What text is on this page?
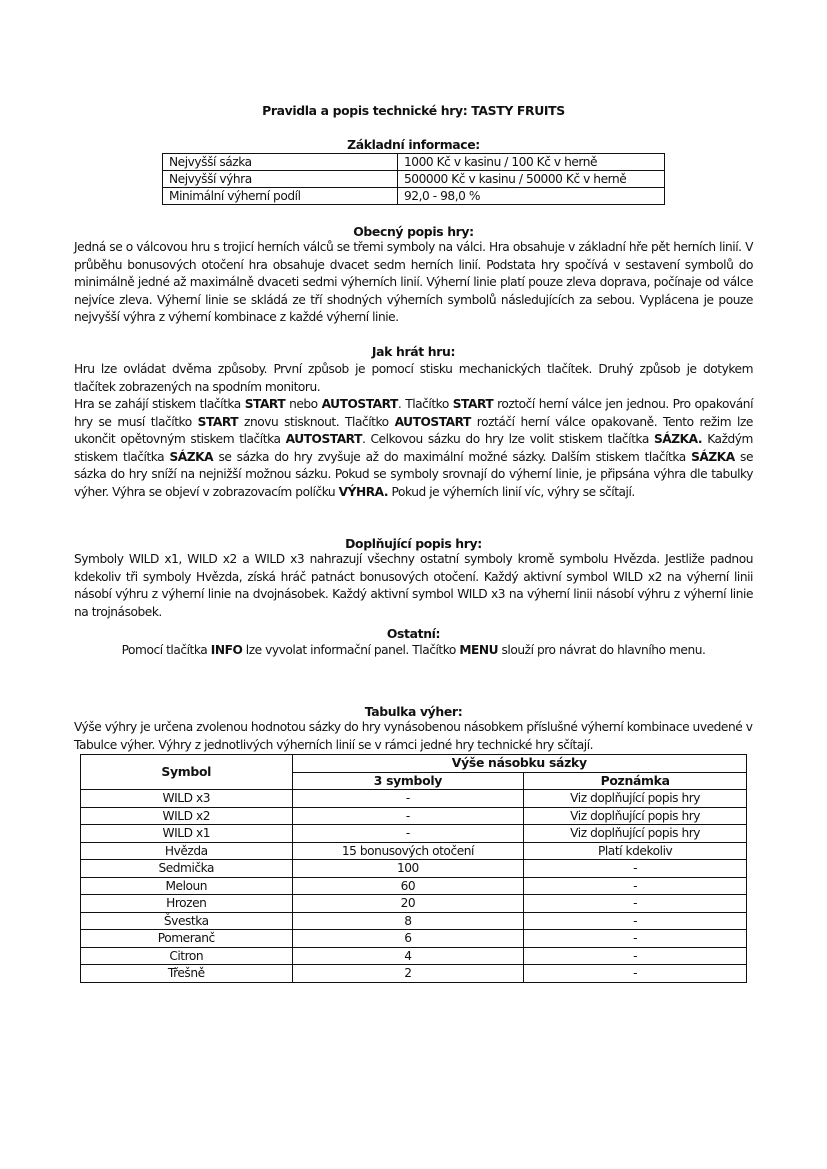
Pravidla a popis technické hry: TASTY FRUITS
Základní informace:
Nejvyšší sázka	1000 Kč v kasinu / 100 Kč v herně
Nejvyšší výhra	500000 Kč v kasinu / 50000 Kč v herně
Minimální výherní podíl	92,0 - 98,0 %
Obecný popis hry:

Jedná se o válcovou hru s trojicí herních válců se třemi symboly na válci. Hra obsahuje v základní hře pět herních linií. V průběhu bonusových otočení hra obsahuje dvacet sedm herních linií. Podstata hry spočívá v sestavení symbolů do minimálně jedné až maximálně dvaceti sedmi výherních linií. Výherní linie platí pouze zleva doprava, počínaje od válce nejvíce zleva. Výherní linie se skládá ze tří shodných výherních symbolů následujících za sebou. Vyplácena je pouze nejvyšší výhra z výherní kombinace z každé výherní linie.

Jak hrát hru:

Hru lze ovládat dvěma způsoby. První způsob je pomocí stisku mechanických tlačítek. Druhý způsob je dotykem tlačítek zobrazených na spodním monitoru.

Hra se zahájí stiskem tlačítka START nebo AUTOSTART. Tlačítko START roztočí herní válce jen jednou. Pro opakování hry se musí tlačítko START znovu stisknout. Tlačítko AUTOSTART roztáčí herní válce opakovaně. Tento režim lze ukončit opětovným stiskem tlačítka AUTOSTART. Celkovou sázku do hry lze volit stiskem tlačítka SÁZKA. Každým stiskem tlačítka SÁZKA se sázka do hry zvyšuje až do maximální možné sázky. Dalším stiskem tlačítka SÁZKA se sázka do hry sníží na nejnižší možnou sázku. Pokud se symboly srovnají do výherní linie, je připsána výhra dle tabulky výher. Výhra se objeví v zobrazovacím políčku VÝHRA. Pokud je výherních linií víc, výhry se sčítají.

Doplňující popis hry:

Symboly WILD x1, WILD x2 a WILD x3 nahrazují všechny ostatní symboly kromě symbolu Hvězda. Jestliže padnou kdekoliv tři symboly Hvězda, získá hráč patnáct bonusových otočení. Každý aktivní symbol WILD x2 na výherní linii násobí výhru z výherní linie na dvojnásobek. Každý aktivní symbol WILD x3 na výherní linii násobí výhru z výherní linie na trojnásobek.

Ostatní:

Pomocí tlačítka INFO lze vyvolat informační panel. Tlačítko MENU slouží pro návrat do hlavního menu.

Tabulka výher:

Výše výhry je určena zvolenou hodnotou sázky do hry vynásobenou násobkem příslušné výherní kombinace uvedené v Tabulce výher. Výhry z jednotlivých výherních linií se v rámci jedné hry technické hry sčítají.

Symbol	Výše násobku sázky	
	3 symboly	Poznámka
WILD x3	-	Viz doplňující popis hry
WILD x2	-	Viz doplňující popis hry
WILD x1	-	Viz doplňující popis hry
Hvězda	15 bonusových otočení	Platí kdekoliv
Sedmička	100	-
Meloun	60	-
Hrozen	20	-
Švestka	8	-
Pomeranč	6	-
Citron	4	-
Třešně	2	-
